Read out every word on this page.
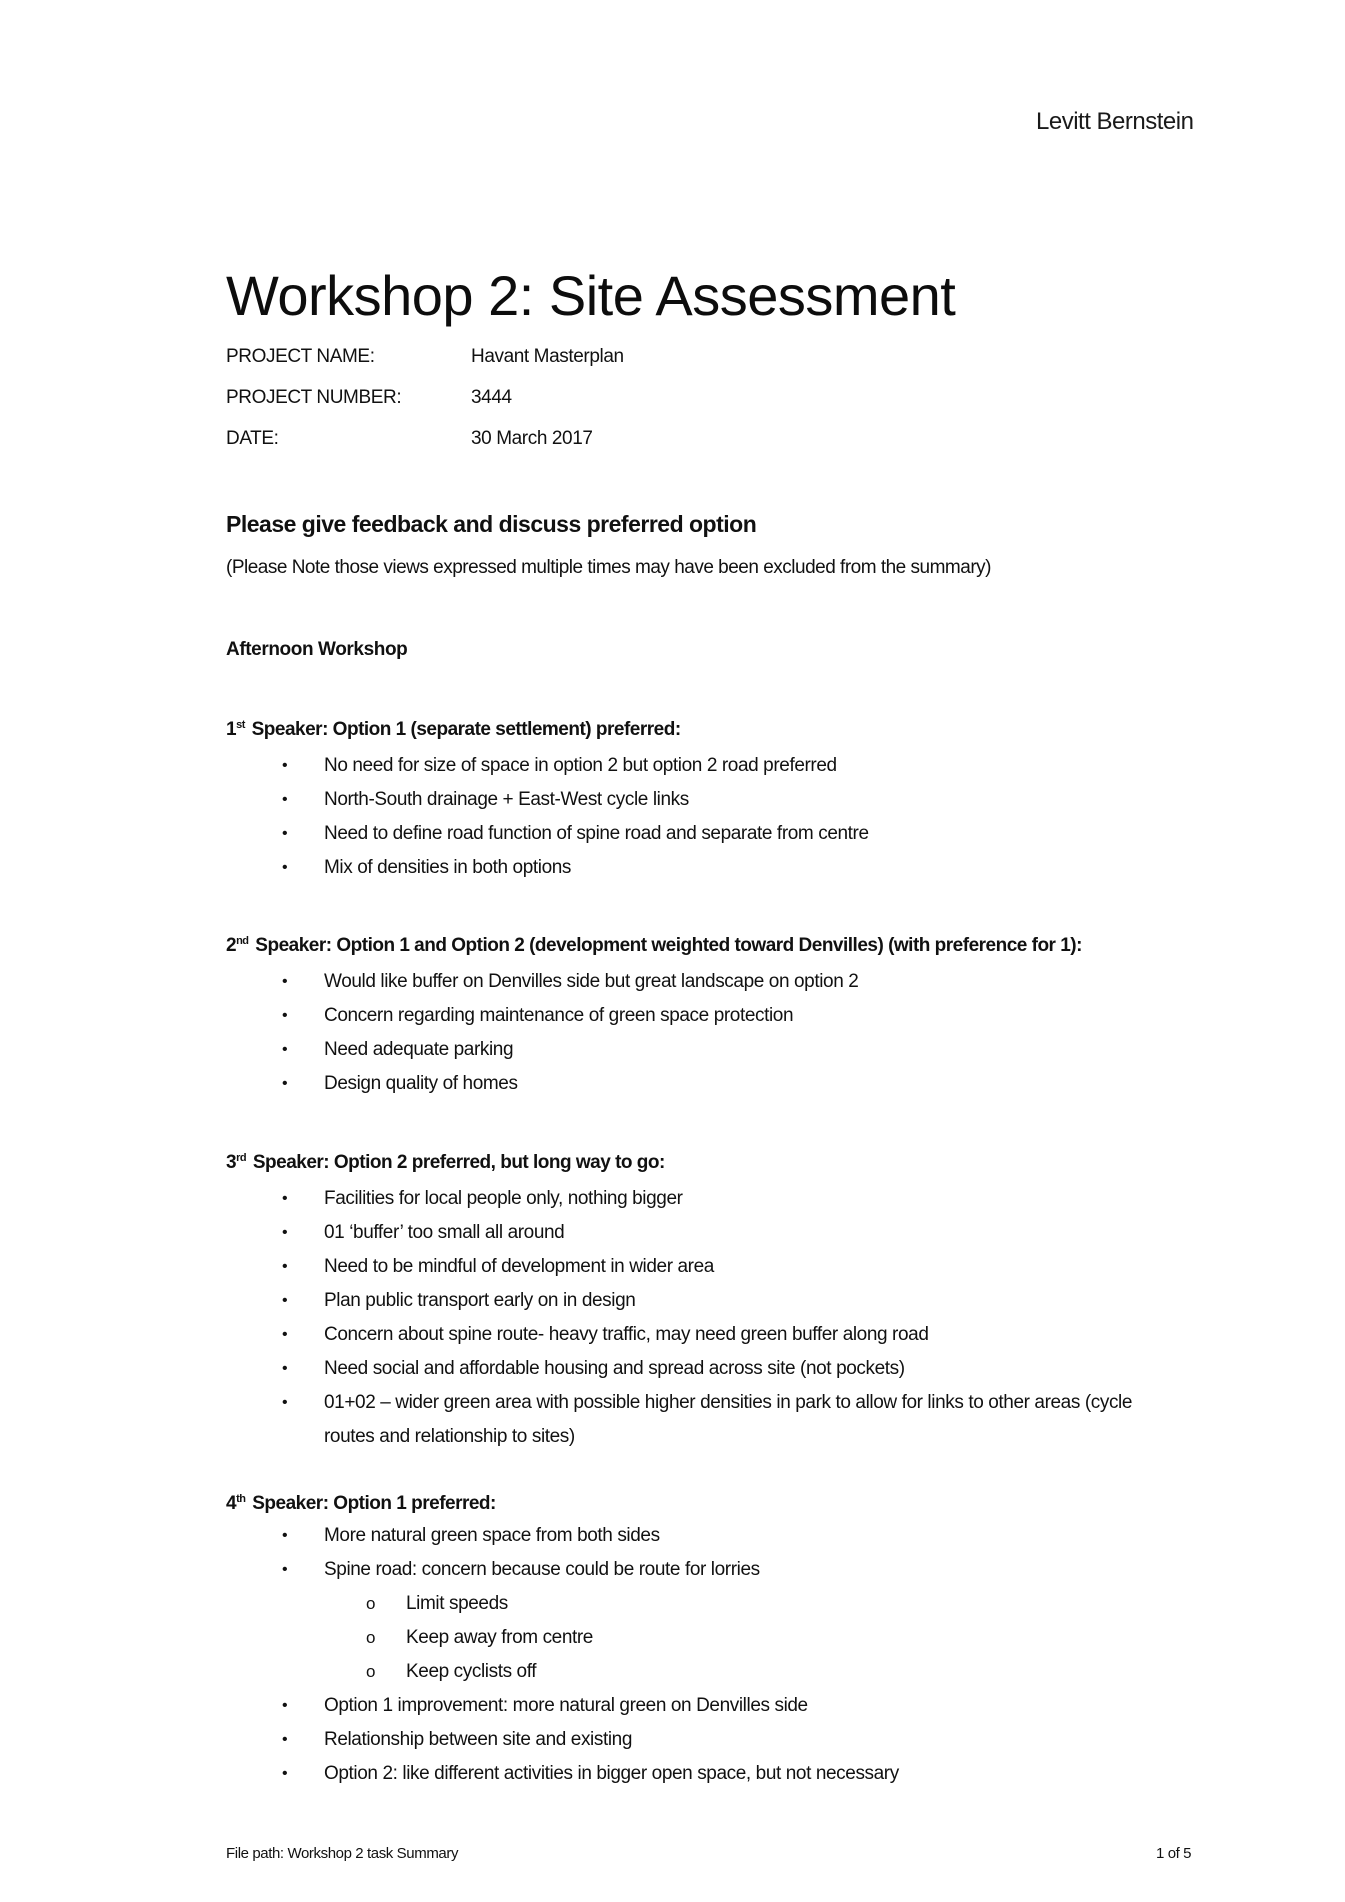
Levitt Bernstein
Workshop 2: Site Assessment
PROJECT NAME:	Havant Masterplan
PROJECT NUMBER:	3444
DATE:	30 March 2017
Please give feedback and discuss preferred option
(Please Note those views expressed multiple times may have been excluded from the summary)
Afternoon Workshop
1st Speaker: Option 1 (separate settlement) preferred:
• No need for size of space in option 2 but option 2 road preferred
• North-South drainage + East-West cycle links
• Need to define road function of spine road and separate from centre
• Mix of densities in both options
2nd Speaker: Option 1 and Option 2 (development weighted toward Denvilles) (with preference for 1):
• Would like buffer on Denvilles side but great landscape on option 2
• Concern regarding maintenance of green space protection
• Need adequate parking
• Design quality of homes
3rd Speaker: Option 2 preferred, but long way to go:
• Facilities for local people only, nothing bigger
• 01 ‘buffer’ too small all around
• Need to be mindful of development in wider area
• Plan public transport early on in design
• Concern about spine route- heavy traffic, may need green buffer along road
• Need social and affordable housing and spread across site (not pockets)
• 01+02 – wider green area with possible higher densities in park to allow for links to other areas (cycle routes and relationship to sites)
4th Speaker: Option 1 preferred:
• More natural green space from both sides
• Spine road: concern because could be route for lorries
o Limit speeds
o Keep away from centre
o Keep cyclists off
• Option 1 improvement: more natural green on Denvilles side
• Relationship between site and existing
• Option 2: like different activities in bigger open space, but not necessary
File path: Workshop 2 task Summary	1 of 5
